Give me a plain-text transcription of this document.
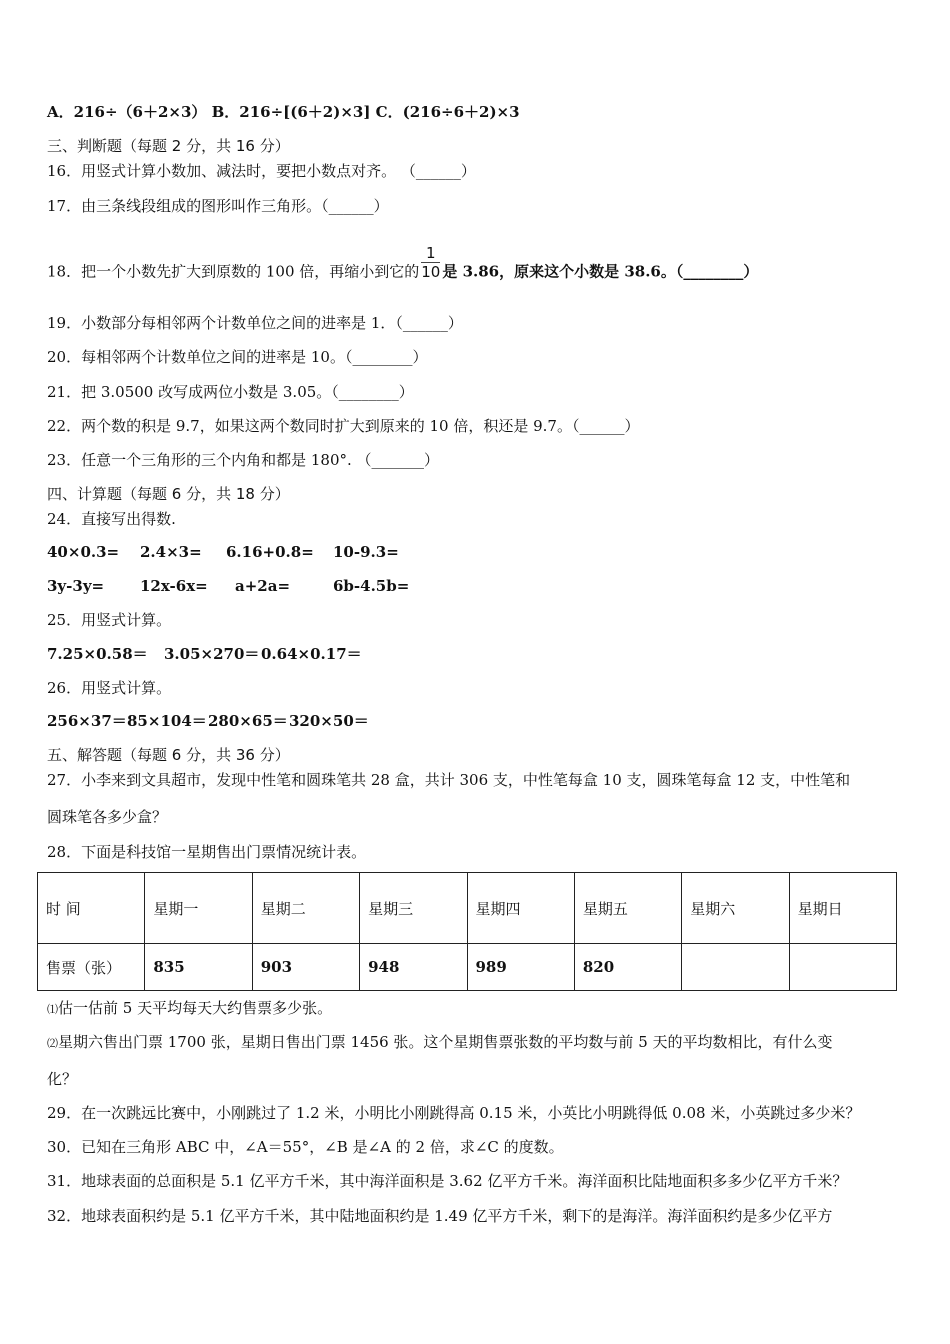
A．216÷（6＋2×3） B．216÷[(6＋2)×3] C．(216÷6＋2)×3
三、判断题（每题 2 分，共 16 分）
16．用竖式计算小数加、减法时，要把小数点对齐。 （______）
17．由三条线段组成的图形叫作三角形。（______）
18．把一个小数先扩大到原数的 100 倍，再缩小到它的 $\frac{1}{10}$ 是 3.86，原来这个小数是 38.6。（________）
19．小数部分每相邻两个计数单位之间的进率是 1．（______）
20．每相邻两个计数单位之间的进率是 10。（________）
21．把 3.0500 改写成两位小数是 3.05。（________）
22．两个数的积是 9.7，如果这两个数同时扩大到原来的 10 倍，积还是 9.7。（______）
23．任意一个三角形的三个内角和都是 180°. （_______）
四、计算题（每题 6 分，共 18 分）
24．直接写出得数.
40×0.3= 2.4×3= 6.16+0.8= 10-9.3=
3y-3y= 12x-6x= a+2a=	6b-4.5b=
25．用竖式计算。
7.25×0.58＝ 3.05×270＝ 0.64×0.17＝
26．用竖式计算。
256×37＝85×104＝280×65＝320×50＝
五、解答题（每题 6 分，共 36 分）
27．小李来到文具超市，发现中性笔和圆珠笔共 28 盒，共计 306 支，中性笔每盒 10 支，圆珠笔每盒 12 支，中性笔和
圆珠笔各多少盒？
28．下面是科技馆一星期售出门票情况统计表。
时 间	星期一	星期二	星期三	星期四	星期五	星期六	星期日
售票（张）	835	903	948	989	820		
⑴估一估前 5 天平均每天大约售票多少张。
⑵星期六售出门票 1700 张，星期日售出门票 1456 张。这个星期售票张数的平均数与前 5 天的平均数相比，有什么变
化？
29．在一次跳远比赛中，小刚跳过了 1.2 米，小明比小刚跳得高 0.15 米，小英比小明跳得低 0.08 米，小英跳过多少米？
30．已知在三角形 ABC 中，∠A＝55°，∠B 是∠A 的 2 倍，求∠C 的度数。
31．地球表面的总面积是 5.1 亿平方千米，其中海洋面积是 3.62 亿平方千米。海洋面积比陆地面积多多少亿平方千米？
32．地球表面积约是 5.1 亿平方千米，其中陆地面积约是 1.49 亿平方千米，剩下的是海洋。海洋面积约是多少亿平方
